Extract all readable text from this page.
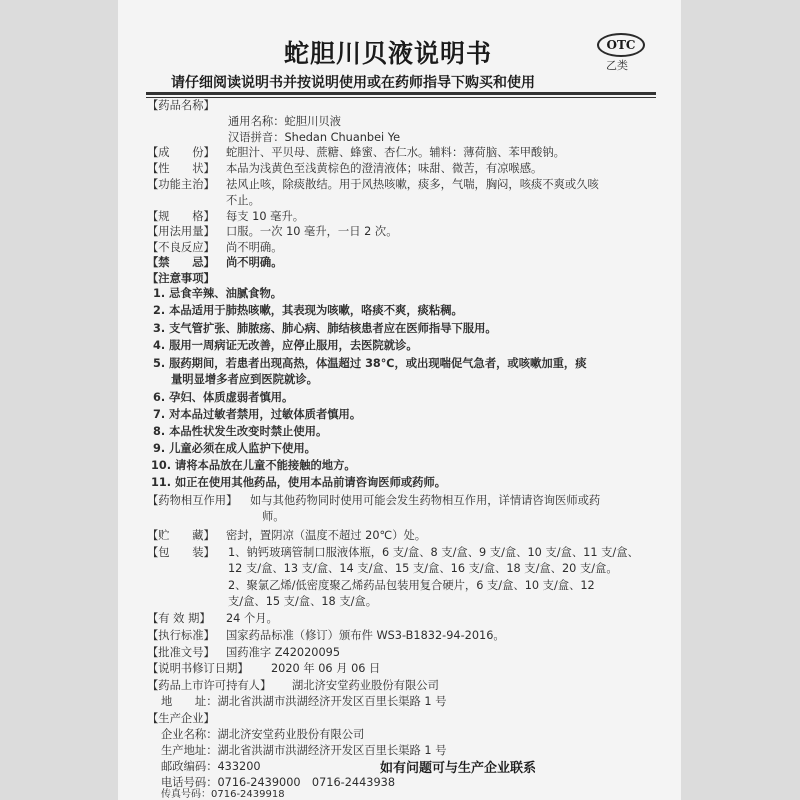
蛇胆川贝液说明书	OTC
乙类
请仔细阅读说明书并按说明使用或在药师指导下购买和使用
【药品名称】
通用名称：蛇胆川贝液
汉语拼音：Shedan Chuanbei Ye
【成　　份】 蛇胆汁、平贝母、蔗糖、蜂蜜、杏仁水。辅料：薄荷脑、苯甲酸钠。
【性　　状】 本品为浅黄色至浅黄棕色的澄清液体；味甜、微苦，有凉喉感。
【功能主治】 祛风止咳，除痰散结。用于风热咳嗽，痰多，气喘，胸闷，咳痰不爽或久咳
不止。
【规　　格】 每支 10 毫升。
【用法用量】 口服。一次 10 毫升，一日 2 次。
【不良反应】 尚不明确。
【禁　　忌】 尚不明确。
【注意事项】
1. 忌食辛辣、油腻食物。
2. 本品适用于肺热咳嗽，其表现为咳嗽，咯痰不爽，痰粘稠。
3. 支气管扩张、肺脓疡、肺心病、肺结核患者应在医师指导下服用。
4. 服用一周病证无改善，应停止服用，去医院就诊。
5. 服药期间，若患者出现高热，体温超过 38℃，或出现喘促气急者，或咳嗽加重，痰
量明显增多者应到医院就诊。
6. 孕妇、体质虚弱者慎用。
7. 对本品过敏者禁用，过敏体质者慎用。
8. 本品性状发生改变时禁止使用。
9. 儿童必须在成人监护下使用。
10. 请将本品放在儿童不能接触的地方。
11. 如正在使用其他药品，使用本品前请咨询医师或药师。
【药物相互作用】 如与其他药物同时使用可能会发生药物相互作用，详情请咨询医师或药
师。
【贮　　藏】 密封，置阴凉（温度不超过 20℃）处。
【包　　装】 1、钠钙玻璃管制口服液体瓶，6 支/盒、8 支/盒、9 支/盒、10 支/盒、11 支/盒、
12 支/盒、13 支/盒、14 支/盒、15 支/盒、16 支/盒、18 支/盒、20 支/盒。
2、聚氯乙烯/低密度聚乙烯药品包装用复合硬片，6 支/盒、10 支/盒、12
支/盒、15 支/盒、18 支/盒。
【有 效 期】 24 个月。
【执行标准】 国家药品标准（修订）颁布件 WS3-B1832-94-2016。
【批准文号】 国药准字 Z42020095
【说明书修订日期】 2020 年 06 月 06 日
【药品上市许可持有人】 湖北济安堂药业股份有限公司
地　　址：湖北省洪湖市洪湖经济开发区百里长渠路 1 号
【生产企业】
企业名称：湖北济安堂药业股份有限公司
生产地址：湖北省洪湖市洪湖经济开发区百里长渠路 1 号
邮政编码：433200
电话号码：0716-2439000　0716-2443938
传真号码：0716-2439918
如有问题可与生产企业联系
